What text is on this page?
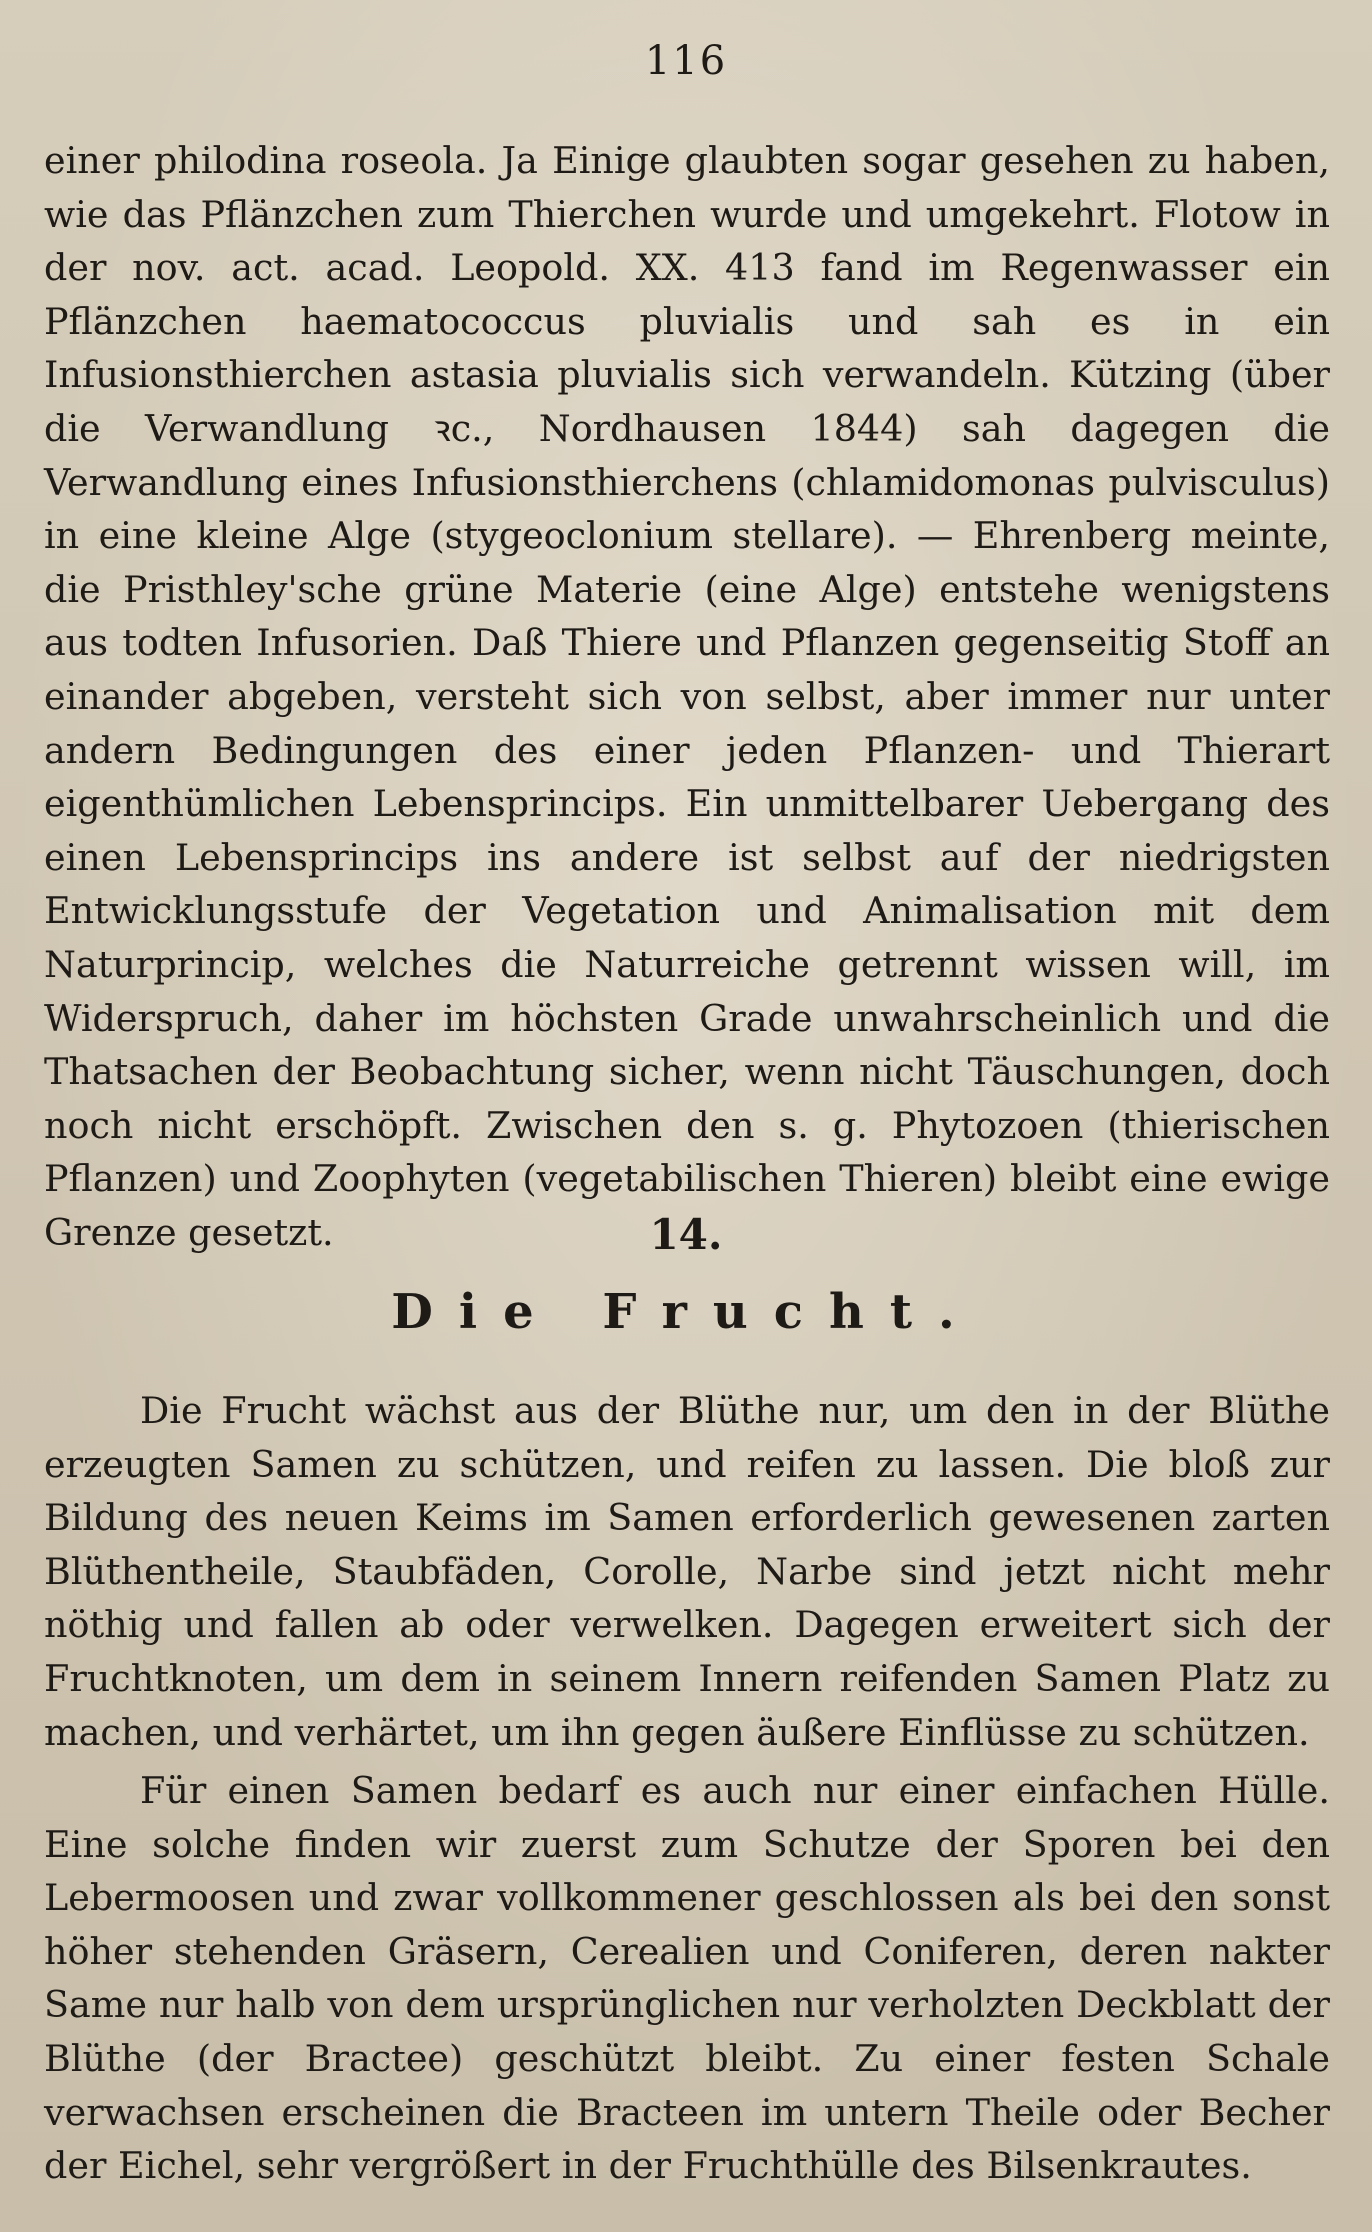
116

einer philodina roseola. Ja Einige glaubten sogar gesehen zu haben, wie das Pflänzchen zum Thierchen wurde und umgekehrt. Flotow in der nov. act. acad. Leopold. XX. 413 fand im Regenwasser ein Pflänzchen haematococcus pluvialis und sah es in ein Infusionsthierchen astasia pluvialis sich verwandeln. Kützing (über die Verwandlung ꝛc., Nordhausen 1844) sah dagegen die Verwandlung eines Infusionsthierchens (chlamidomonas pulvisculus) in eine kleine Alge (stygeoclonium stellare). — Ehrenberg meinte, die Pristhley'sche grüne Materie (eine Alge) entstehe wenigstens aus todten Infusorien. Daß Thiere und Pflanzen gegenseitig Stoff an einander abgeben, versteht sich von selbst, aber immer nur unter andern Bedingungen des einer jeden Pflanzen- und Thierart eigenthümlichen Lebensprincips. Ein unmittelbarer Uebergang des einen Lebensprincips ins andere ist selbst auf der niedrigsten Entwicklungsstufe der Vegetation und Animalisation mit dem Naturprincip, welches die Naturreiche getrennt wissen will, im Widerspruch, daher im höchsten Grade unwahrscheinlich und die Thatsachen der Beobachtung sicher, wenn nicht Täuschungen, doch noch nicht erschöpft. Zwischen den s. g. Phytozoen (thierischen Pflanzen) und Zoophyten (vegetabilischen Thieren) bleibt eine ewige Grenze gesetzt.	14.
Die Frucht.

Die Frucht wächst aus der Blüthe nur, um den in der Blüthe erzeugten Samen zu schützen, und reifen zu lassen. Die bloß zur Bildung des neuen Keims im Samen erforderlich gewesenen zarten Blüthentheile, Staubfäden, Corolle, Narbe sind jetzt nicht mehr nöthig und fallen ab oder verwelken. Dagegen erweitert sich der Fruchtknoten, um dem in seinem Innern reifenden Samen Platz zu machen, und verhärtet, um ihn gegen äußere Einflüsse zu schützen.

Für einen Samen bedarf es auch nur einer einfachen Hülle. Eine solche finden wir zuerst zum Schutze der Sporen bei den Lebermoosen und zwar vollkommener geschlossen als bei den sonst höher stehenden Gräsern, Cerealien und Coniferen, deren nakter Same nur halb von dem ursprünglichen nur verholzten Deckblatt der Blüthe (der Bractee) geschützt bleibt. Zu einer festen Schale verwachsen erscheinen die Bracteen im untern Theile oder Becher der Eichel, sehr vergrößert in der Fruchthülle des Bilsenkrautes.
